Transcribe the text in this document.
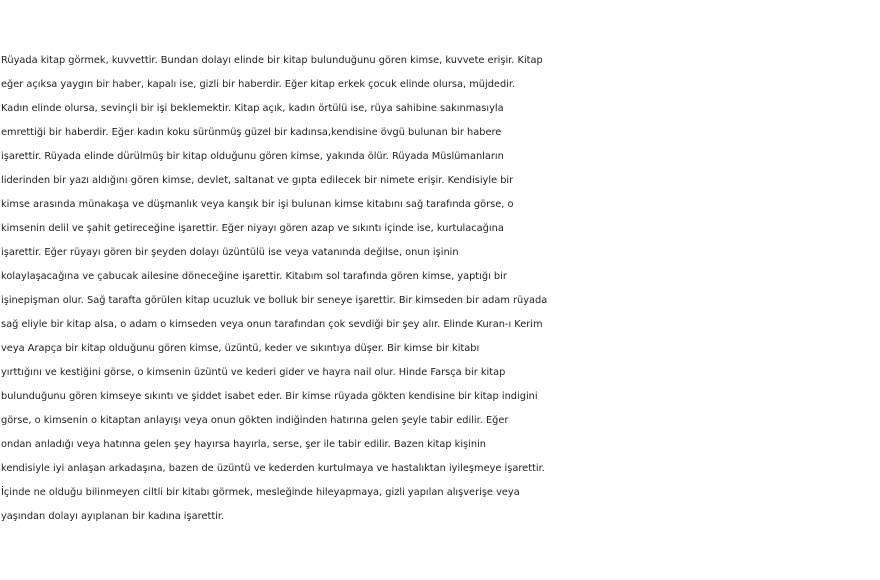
Rüyada kitap görmek, kuvvettir. Bundan dolayı elinde bir kitap bulunduğunu gören kimse, kuvvete erişir. Kitap
eğer açıksa yaygın bir haber, kapalı ise, gizli bir haberdir. Eğer kitap erkek çocuk elinde olursa, müjdedir.
Kadın elinde olursa, sevinçli bir işi beklemektir. Kitap açık, kadın örtülü ise, rüya sahibine sakınmasıyla
emrettiği bir haberdir. Eğer kadın koku sürünmüş güzel bir kadınsa,kendisine övgü bulunan bir habere
işarettir. Rüyada elinde dürülmüş bir kitap olduğunu gören kimse, yakında ölür. Rüyada Müslümanların
liderinden bir yazı aldığını gören kimse, devlet, saltanat ve gıpta edilecek bir nimete erişir. Kendisiyle bir
kimse arasında münakaşa ve düşmanlık veya kanşık bir işi bulunan kimse kitabını sağ tarafında görse, o
kimsenin delil ve şahit getireceğine işarettir. Eğer niyayı gören azap ve sıkıntı içinde ise, kurtulacağına
işarettir. Eğer rüyayı gören bir şeyden dolayı üzüntülü ise veya vatanında değilse, onun işinin
kolaylaşacağına ve çabucak ailesine döneceğine işarettir. Kitabım sol tarafında gören kimse, yaptığı bir
işinepişman olur. Sağ tarafta görülen kitap ucuzluk ve bolluk bir seneye işarettir. Bir kimseden bir adam rüyada
sağ eliyle bir kitap alsa, o adam o kimseden veya onun tarafından çok sevdiği bir şey alır. Elinde Kuran-ı Kerim
veya Arapça bir kitap olduğunu gören kimse, üzüntü, keder ve sıkıntıya düşer. Bir kimse bir kitabı
yırttığını ve kestiğini görse, o kimsenin üzüntü ve kederi gider ve hayra nail olur. Hinde Farsça bir kitap
bulunduğunu gören kimseye sıkıntı ve şiddet isabet eder. Bir kimse rüyada gökten kendisine bir kitap indigini
görse, o kimsenin o kitaptan anlayışı veya onun gökten indiğinden hatırına gelen şeyle tabir edilir. Eğer
ondan anladığı veya hatınna gelen şey hayırsa hayırla, serse, şer ile tabir edilir. Bazen kitap kişinin
kendisiyle iyi anlaşan arkadaşına, bazen de üzüntü ve kederden kurtulmaya ve hastalıktan iyileşmeye işarettir.
İçinde ne olduğu bilinmeyen ciltli bir kitabı görmek, mesleğinde hileyapmaya, gizli yapılan alışverişe veya
yaşından dolayı ayıplanan bir kadına işarettir.
